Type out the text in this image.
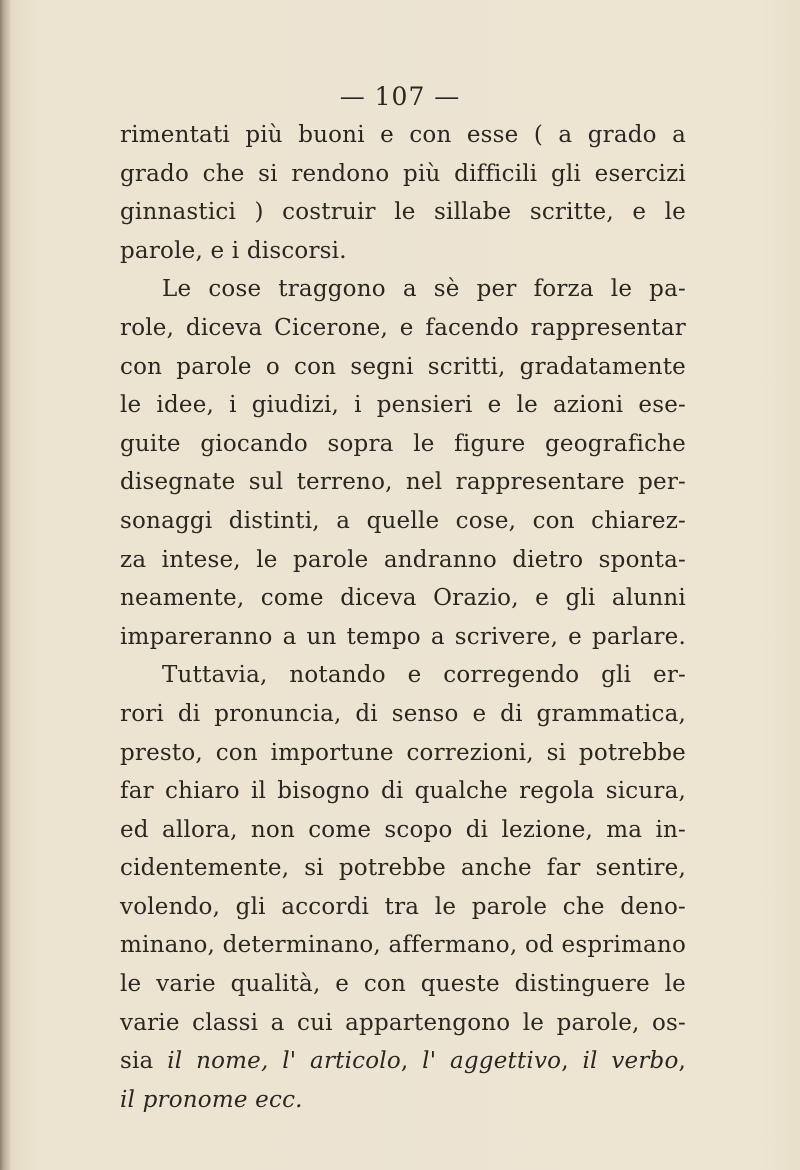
— 107 —
rimentati più buoni e con esse ( a grado a
grado che si rendono più difficili gli esercizi
ginnastici ) costruir le sillabe scritte, e le
parole, e i discorsi.
Le cose traggono a sè per forza le pa-
role, diceva Cicerone, e facendo rappresentar
con parole o con segni scritti, gradatamente
le idee, i giudizi, i pensieri e le azioni ese-
guite giocando sopra le figure geografiche
disegnate sul terreno, nel rappresentare per-
sonaggi distinti, a quelle cose, con chiarez-
za intese, le parole andranno dietro sponta-
neamente, come diceva Orazio, e gli alunni
impareranno a un tempo a scrivere, e parlare.
Tuttavia, notando e corregendo gli er-
rori di pronuncia, di senso e di grammatica,
presto, con importune correzioni, si potrebbe
far chiaro il bisogno di qualche regola sicura,
ed allora, non come scopo di lezione, ma in-
cidentemente, si potrebbe anche far sentire,
volendo, gli accordi tra le parole che deno-
minano, determinano, affermano, od esprimano
le varie qualità, e con queste distinguere le
varie classi a cui appartengono le parole, os-
sia il nome, l' articolo, l' aggettivo, il verbo,
il pronome ecc.
